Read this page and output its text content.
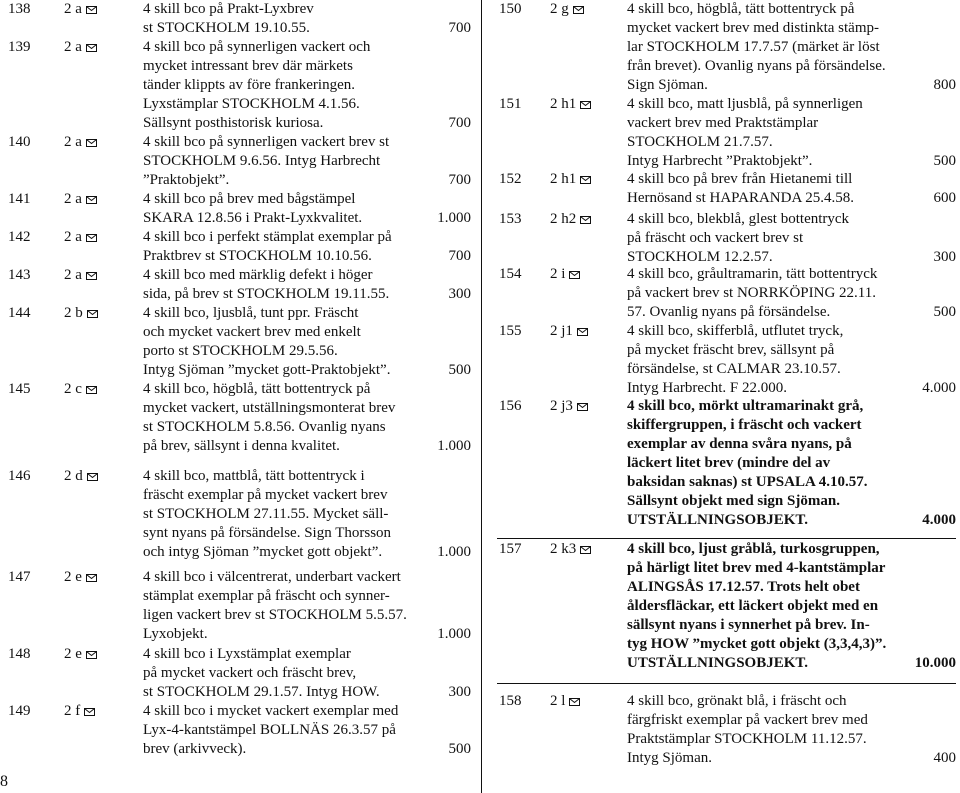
138 2 a	4 skill bco på Prakt-Lyxbrev
st STOCKHOLM 19.10.55.	700
139 2 a	4 skill bco på synnerligen vackert och
mycket intressant brev där märkets
tänder klippts av före frankeringen.
Lyxstämplar STOCKHOLM 4.1.56.
Sällsynt posthistorisk kuriosa.	700
140 2 a	4 skill bco på synnerligen vackert brev st
STOCKHOLM 9.6.56. Intyg Harbrecht
”Praktobjekt”.	700
141 2 a	4 skill bco på brev med bågstämpel
SKARA 12.8.56 i Prakt-Lyxkvalitet.	1.000
142 2 a	4 skill bco i perfekt stämplat exemplar på
Praktbrev st STOCKHOLM 10.10.56.	700
143 2 a	4 skill bco med märklig defekt i höger
sida, på brev st STOCKHOLM 19.11.55.	300
144 2 b	4 skill bco, ljusblå, tunt ppr. Fräscht
och mycket vackert brev med enkelt
porto st STOCKHOLM 29.5.56.
Intyg Sjöman ”mycket gott-Praktobjekt”.	500
145 2 c	4 skill bco, högblå, tätt bottentryck på
mycket vackert, utställningsmonterat brev
st STOCKHOLM 5.8.56. Ovanlig nyans
på brev, sällsynt i denna kvalitet.	1.000
146 2 d	4 skill bco, mattblå, tätt bottentryck i
fräscht exemplar på mycket vackert brev
st STOCKHOLM 27.11.55. Mycket säll-
synt nyans på försändelse. Sign Thorsson
och intyg Sjöman ”mycket gott objekt”.	1.000
147 2 e	4 skill bco i välcentrerat, underbart vackert
stämplat exemplar på fräscht och synner-
ligen vackert brev st STOCKHOLM 5.5.57.
Lyxobjekt.	1.000
148 2 e	4 skill bco i Lyxstämplat exemplar
på mycket vackert och fräscht brev,
st STOCKHOLM 29.1.57. Intyg HOW.	300
149 2 f	4 skill bco i mycket vackert exemplar med
Lyx-4-kantstämpel BOLLNÄS 26.3.57 på
brev (arkivveck).	500
150 2 g	4 skill bco, högblå, tätt bottentryck på
mycket vackert brev med distinkta stämp-
lar STOCKHOLM 17.7.57 (märket är löst
från brevet). Ovanlig nyans på försändelse.
Sign Sjöman.	800
151 2 h1	4 skill bco, matt ljusblå, på synnerligen
vackert brev med Praktstämplar
STOCKHOLM 21.7.57.
Intyg Harbrecht ”Praktobjekt”.	500
152 2 h1	4 skill bco på brev från Hietanemi till
Hernösand st HAPARANDA 25.4.58.	600
153 2 h2	4 skill bco, blekblå, glest bottentryck
på fräscht och vackert brev st
STOCKHOLM 12.2.57.	300
154 2 i	4 skill bco, gråultramarin, tätt bottentryck
på vackert brev st NORRKÖPING 22.11.
57. Ovanlig nyans på försändelse.	500
155 2 j1	4 skill bco, skifferblå, utflutet tryck,
på mycket fräscht brev, sällsynt på
försändelse, st CALMAR 23.10.57.
Intyg Harbrecht. F 22.000.	4.000
156 2 j3	4 skill bco, mörkt ultramarinakt grå,
skiffergruppen, i fräscht och vackert
exemplar av denna svåra nyans, på
läckert litet brev (mindre del av
baksidan saknas) st UPSALA 4.10.57.
Sällsynt objekt med sign Sjöman.
UTSTÄLLNINGSOBJEKT.	4.000
157 2 k3	4 skill bco, ljust gråblå, turkosgruppen,
på härligt litet brev med 4-kantstämplar
ALINGSÅS 17.12.57. Trots helt obet
åldersfläckar, ett läckert objekt med en
sällsynt nyans i synnerhet på brev. In-
tyg HOW ”mycket gott objekt (3,3,4,3)”.
UTSTÄLLNINGSOBJEKT.	10.000
158 2 l	4 skill bco, grönakt blå, i fräscht och
färgfriskt exemplar på vackert brev med
Praktstämplar STOCKHOLM 11.12.57.
Intyg Sjöman.	400
8
